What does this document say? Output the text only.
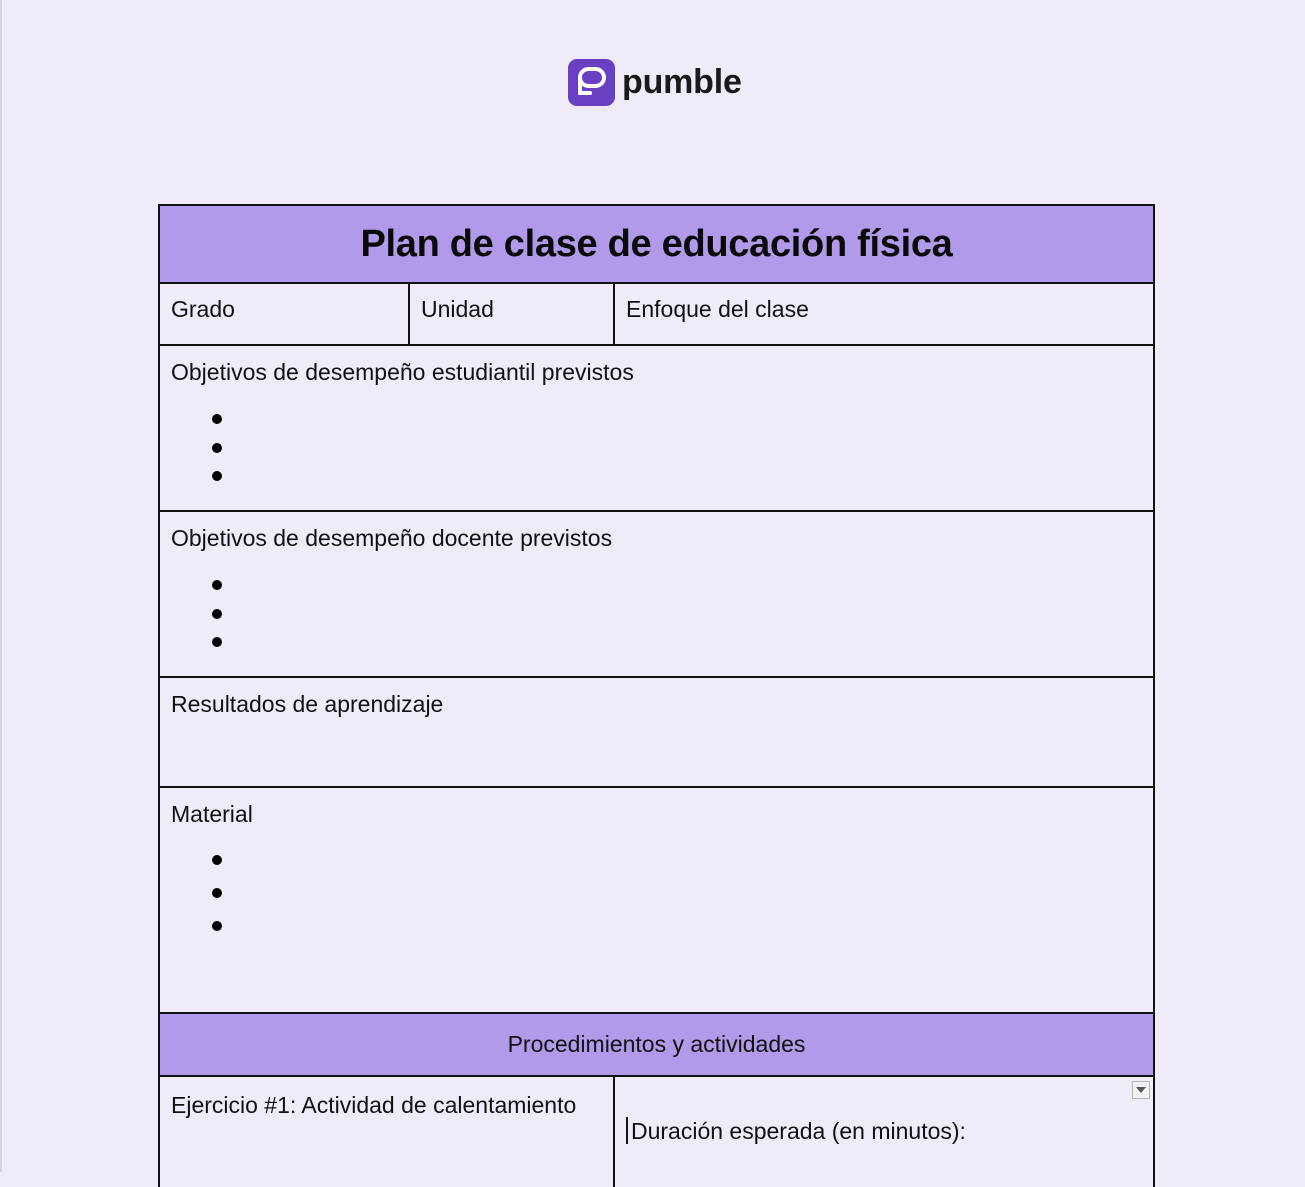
pumble
Plan de clase de educación física
Grado	Unidad	Enfoque del clase
Objetivos de desempeño estudiantil previstos
Objetivos de desempeño docente previstos
Resultados de aprendizaje
Material
Procedimientos y actividades
Ejercicio #1: Actividad de calentamiento
Duración esperada (en minutos):
